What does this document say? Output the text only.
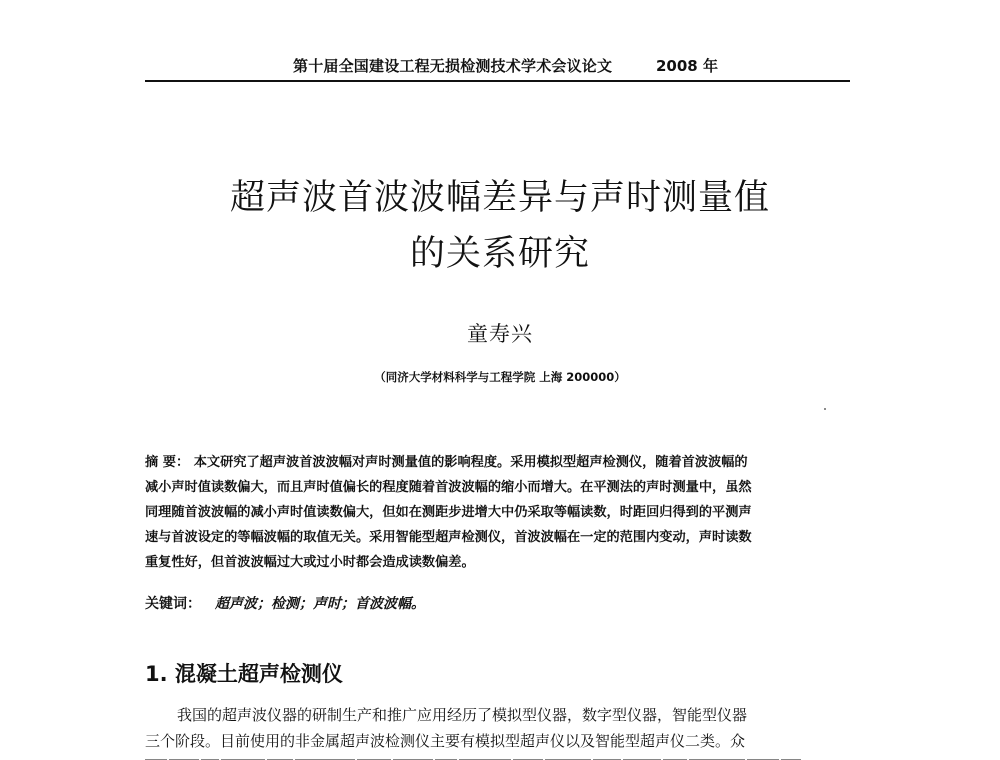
第十届全国建设工程无损检测技术学术会议论文	2008 年
超声波首波波幅差异与声时测量值
的关系研究
童寿兴
（同济大学材料科学与工程学院 上海 200000）
摘 要： 本文研究了超声波首波波幅对声时测量值的影响程度。采用模拟型超声检测仪，随着首波波幅的
减小声时值读数偏大，而且声时值偏长的程度随着首波波幅的缩小而增大。在平测法的声时测量中，虽然
同理随首波波幅的减小声时值读数偏大，但如在测距步进增大中仍采取等幅读数，时距回归得到的平测声
速与首波设定的等幅波幅的取值无关。采用智能型超声检测仪，首波波幅在一定的范围内变动，声时读数
重复性好，但首波波幅过大或过小时都会造成读数偏差。
关键词： 超声波；检测；声时；首波波幅。
1. 混凝土超声检测仪
我国的超声波仪器的研制生产和推广应用经历了模拟型仪器，数字型仪器，智能型仪器
三个阶段。目前使用的非金属超声波检测仪主要有模拟型超声仪以及智能型超声仪二类。众
